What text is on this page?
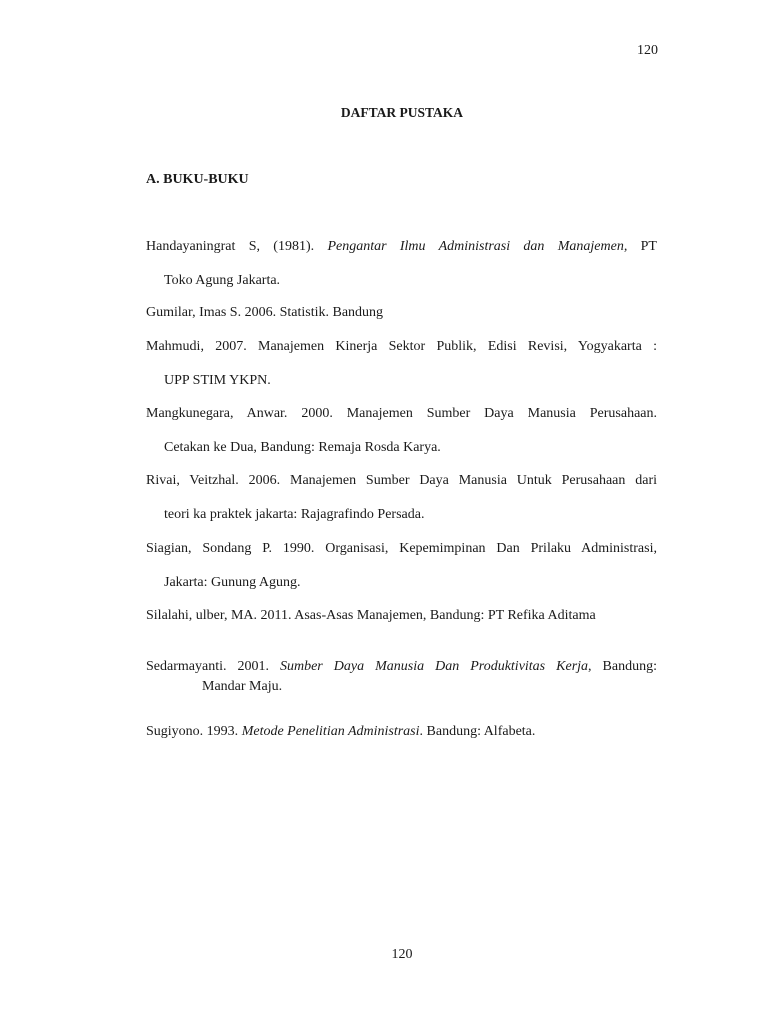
120
DAFTAR PUSTAKA
A. BUKU-BUKU
Handayaningrat S, (1981). Pengantar Ilmu Administrasi dan Manajemen, PT
Toko Agung Jakarta.
Gumilar, Imas S. 2006. Statistik. Bandung
Mahmudi, 2007. Manajemen Kinerja Sektor Publik, Edisi Revisi, Yogyakarta :
UPP STIM YKPN.
Mangkunegara, Anwar. 2000. Manajemen Sumber Daya Manusia Perusahaan.
Cetakan ke Dua, Bandung: Remaja Rosda Karya.
Rivai, Veitzhal. 2006. Manajemen Sumber Daya Manusia Untuk Perusahaan dari
teori ka praktek jakarta: Rajagrafindo Persada.
Siagian, Sondang P. 1990. Organisasi, Kepemimpinan Dan Prilaku Administrasi,
Jakarta: Gunung Agung.
Silalahi, ulber, MA. 2011. Asas-Asas Manajemen, Bandung: PT Refika Aditama
Sedarmayanti. 2001. Sumber Daya Manusia Dan Produktivitas Kerja, Bandung:
Mandar Maju.
Sugiyono. 1993. Metode Penelitian Administrasi. Bandung: Alfabeta.
120
